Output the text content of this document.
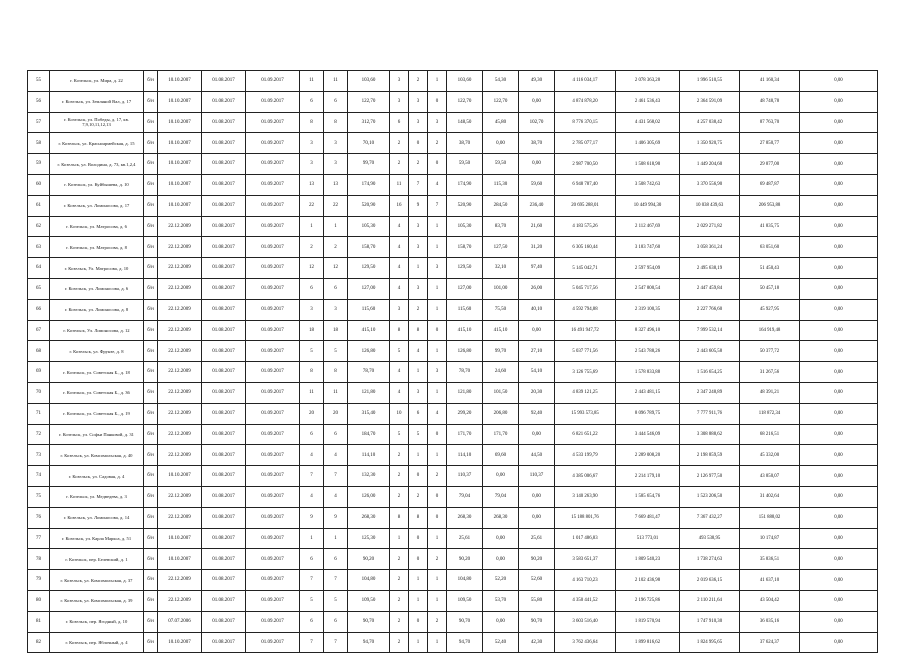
55	г. Козельск, ул. Мира, д. 22	б/н	10.10.2007	01.08.2017	01.09.2017	11	11	103,60	3	2	1	103,60	54,30	49,30	4 116 034,17	2 078 363,28	1 996 510,55	41 160,34	0,00
56	г. Козельск, ул. Земляной Вал, д. 17	б/н	10.10.2007	01.08.2017	01.09.2017	6	6	122,70	3	3	0	122,70	122,70	0,00	4 874 878,20	2 461 536,43	2 364 591,09	48 748,78	0,00
57	г. Козельск, ул. Победы, д. 17, кв. 7,9,10,11,12,13	б/н	10.10.2007	01.08.2017	01.09.2017	8	8	312,70	6	3	3	148,50	45,80	102,70	8 776 370,15	4 431 568,02	4 257 038,42	87 763,70	0,00
58	г. Козельск, ул. Красноармейская, д. 15	б/н	10.10.2007	01.08.2017	01.09.2017	3	3	70,10	2	0	2	38,70	0,00	38,70	2 785 077,17	1 406 305,69	1 350 920,75	27 850,77	0,00
59	г. Козельск, ул. Володина, д. 73, кв.1,2,4	б/н	10.10.2007	01.08.2017	01.09.2017	3	3	99,70	2	2	0	59,50	59,50	0,00	2 987 700,50	1 508 618,90	1 449 204,60	29 877,00	0,00
60	г. Козельск, ул. Куйбышева, д. 10	б/н	10.10.2007	01.08.2017	01.09.2017	13	13	174,90	11	7	4	174,90	115,30	59,60	6 948 787,40	3 508 742,63	3 370 556,90	69 487,87	0,00
61	г. Козельск, ул. Ломоносова, д. 17	б/н	10.10.2007	01.08.2017	01.09.2017	22	22	520,90	16	9	7	520,90	284,50	236,40	20 695 288,01	10 449 994,30	10 038 439,63	206 953,88	0,00
62	г. Козельск, ул. Матросова, д. 6	б/н	22.12.2009	01.08.2017	01.09.2017	1	1	105,30	4	3	1	105,30	83,70	21,60	4 183 575,26	2 112 467,69	2 029 271,82	41 835,75	0,00
63	г. Козельск, ул. Матросова, д. 8	б/н	22.12.2009	01.08.2017	01.09.2017	2	2	158,70	4	3	1	158,70	127,50	31,20	6 305 160,44	3 183 747,60	3 058 361,24	63 051,60	0,00
64	г. Козельск, Ул. Матросова, д. 10	б/н	22.12.2009	01.08.2017	01.09.2017	12	12	129,50	4	1	3	129,50	32,10	97,40	5 145 042,71	2 597 954,09	2 495 638,19	51 450,43	0,00
65	г. Козельск, ул. Ломоносова, д. 6	б/н	22.12.2009	01.08.2017	01.09.2017	6	6	127,00	4	3	1	127,00	101,00	26,00	5 045 717,56	2 547 800,54	2 447 459,84	50 457,18	0,00
66	г. Козельск, ул. Ломоносова, д. 8	б/н	22.12.2009	01.08.2017	01.09.2017	3	3	115,60	3	2	1	115,60	75,50	40,10	4 592 794,88	2 319 100,35	2 227 766,60	45 927,95	0,00
67	г. Козельск, Ул. Ломоносова, д. 12	б/н	22.12.2009	01.08.2017	01.09.2017	18	18	415,10	8	8	0	415,10	415,10	0,00	16 491 947,72	8 327 496,10	7 999 532,14	164 919,48	0,00
68	г. Козельск, ул. Фрунзе, д. 8	б/н	22.12.2009	01.08.2017	01.09.2017	5	5	126,80	5	4	1	126,80	99,70	27,10	5 037 771,56	2 543 788,26	2 443 605,58	50 377,72	0,00
69	г. Козельск, ул. Советская Б., д. 18	б/н	22.12.2009	01.08.2017	01.09.2017	8	8	78,70	4	1	3	78,70	24,60	54,10	3 126 755,69	1 578 833,88	1 516 654,25	31 267,56	0,00
70	г. Козельск, ул. Советская Б., д. 36	б/н	22.12.2009	01.08.2017	01.09.2017	11	11	121,80	4	3	1	121,80	101,50	20,30	4 839 121,25	2 443 481,15	2 347 248,89	48 391,21	0,00
71	г. Козельск, ул. Советская Б., д. 19	б/н	22.12.2009	01.08.2017	01.09.2017	20	20	315,40	10	6	4	299,20	206,80	92,40	15 993 573,85	8 096 789,75	7 777 911,76	118 872,34	0,00
72	г. Козельск, ул. Софьи Панковой, д. 31	б/н	22.12.2009	01.08.2017	01.09.2017	6	6	184,70	5	5	0	171,70	171,70	0,00	6 821 651,22	3 444 546,09	3 308 888,62	68 216,51	0,00
73	г. Козельск, ул. Комсомольская, д. 40	б/н	22.12.2009	01.08.2017	01.09.2017	4	4	114,10	2	1	1	114,10	69,60	44,50	4 533 199,79	2 289 008,20	2 198 859,59	45 332,00	0,00
74	г. Козельск, ул. Садовая, д. 4	б/н	10.10.2007	01.08.2017	01.09.2017	7	7	132,30	2	0	2	110,37	0,00	110,37	4 385 006,67	2 214 179,10	2 126 977,50	43 850,07	0,00
75	г. Козельск, ул. Медведева, д. 3	б/н	22.12.2009	01.08.2017	01.09.2017	4	4	126,00	2	2	0	79,04	79,04	0,00	3 140 263,90	1 585 654,76	1 523 206,50	31 402,64	0,00
76	г. Козельск, ул. Ломоносова, д. 14	б/н	22.12.2009	01.08.2017	01.09.2017	9	9	268,30	8	8	0	268,30	268,30	0,00	15 188 801,76	7 669 481,47	7 367 432,27	151 888,02	0,00
77	г. Козельск, ул. Карла Маркса, д. 51	б/н	10.10.2007	01.08.2017	01.09.2017	1	1	125,30	1	0	1	25,61	0,00	25,61	1 017 486,83	513 773,01	493 538,95	10 174,87	0,00
78	г. Козельск, пер. Белевский, д. 1	б/н	10.10.2007	01.08.2017	01.09.2017	6	6	90,20	2	0	2	90,20	0,00	90,20	3 583 651,37	1 809 540,23	1 738 274,63	35 836,51	0,00
79	г. Козельск, ул. Комсомольская, д. 37	б/н	22.12.2009	01.08.2017	01.09.2017	7	7	104,80	2	1	1	104,80	52,20	52,60	4 163 710,23	2 102 436,98	2 019 636,15	41 637,10	0,00
80	г. Козельск, ул. Комсомольская, д. 39	б/н	22.12.2009	01.08.2017	01.09.2017	5	5	109,50	2	1	1	109,50	53,70	55,80	4 350 441,52	2 196 725,86	2 110 211,64	43 504,42	0,00
81	г. Козельск, пер. Ягодный, д. 10	б/н	07.07.2006	01.08.2017	01.09.2017	6	6	90,70	2	0	2	90,70	0,00	90,70	3 603 516,40	1 819 570,94	1 747 910,30	36 035,16	0,00
82	г. Козельск, пер. Яблочный, д. 4	б/н	10.10.2007	01.08.2017	01.09.2017	7	7	94,70	2	1	1	94,70	52,40	42,30	3 762 436,64	1 899 816,62	1 824 995,65	37 624,37	0,00
